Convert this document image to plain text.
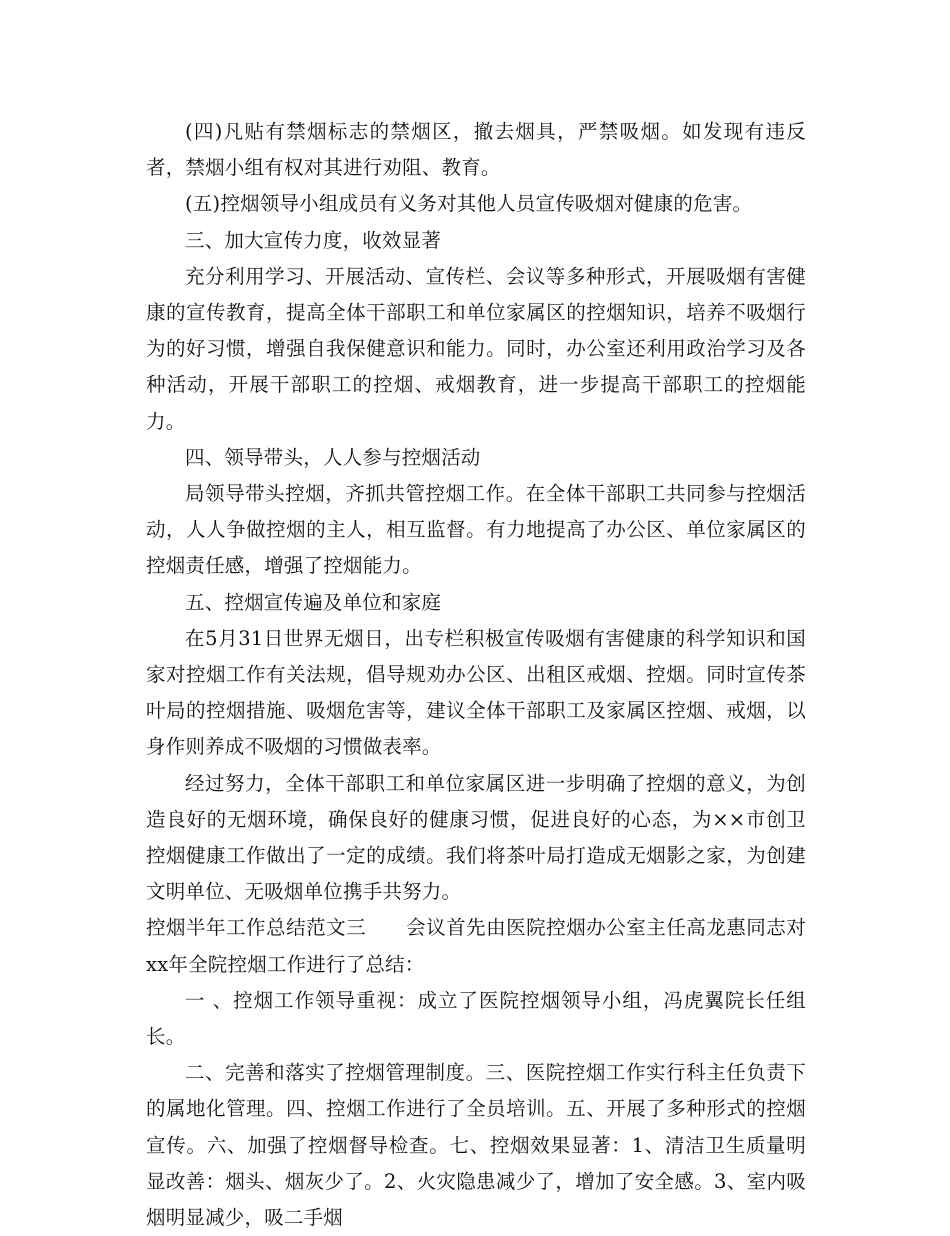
(四)凡贴有禁烟标志的禁烟区，撤去烟具，严禁吸烟。如发现有违反者，禁烟小组有权对其进行劝阻、教育。

(五)控烟领导小组成员有义务对其他人员宣传吸烟对健康的危害。

三、加大宣传力度，收效显著

充分利用学习、开展活动、宣传栏、会议等多种形式，开展吸烟有害健康的宣传教育，提高全体干部职工和单位家属区的控烟知识，培养不吸烟行为的好习惯，增强自我保健意识和能力。同时，办公室还利用政治学习及各种活动，开展干部职工的控烟、戒烟教育，进一步提高干部职工的控烟能力。

四、领导带头，人人参与控烟活动

局领导带头控烟，齐抓共管控烟工作。在全体干部职工共同参与控烟活动，人人争做控烟的主人，相互监督。有力地提高了办公区、单位家属区的控烟责任感，增强了控烟能力。

五、控烟宣传遍及单位和家庭

在5月31日世界无烟日，出专栏积极宣传吸烟有害健康的科学知识和国家对控烟工作有关法规，倡导规劝办公区、出租区戒烟、控烟。同时宣传茶叶局的控烟措施、吸烟危害等，建议全体干部职工及家属区控烟、戒烟，以身作则养成不吸烟的习惯做表率。

经过努力，全体干部职工和单位家属区进一步明确了控烟的意义，为创造良好的无烟环境，确保良好的健康习惯，促进良好的心态，为××市创卫控烟健康工作做出了一定的成绩。我们将茶叶局打造成无烟影之家，为创建文明单位、无吸烟单位携手共努力。

控烟半年工作总结范文三　　会议首先由医院控烟办公室主任高龙惠同志对xx年全院控烟工作进行了总结：

一 、控烟工作领导重视：成立了医院控烟领导小组，冯虎翼院长任组长。

二、完善和落实了控烟管理制度。三、医院控烟工作实行科主任负责下的属地化管理。四、控烟工作进行了全员培训。五、开展了多种形式的控烟宣传。六、加强了控烟督导检查。七、控烟效果显著：1、清洁卫生质量明显改善：烟头、烟灰少了。2、火灾隐患减少了，增加了安全感。3、室内吸烟明显减少，吸二手烟
